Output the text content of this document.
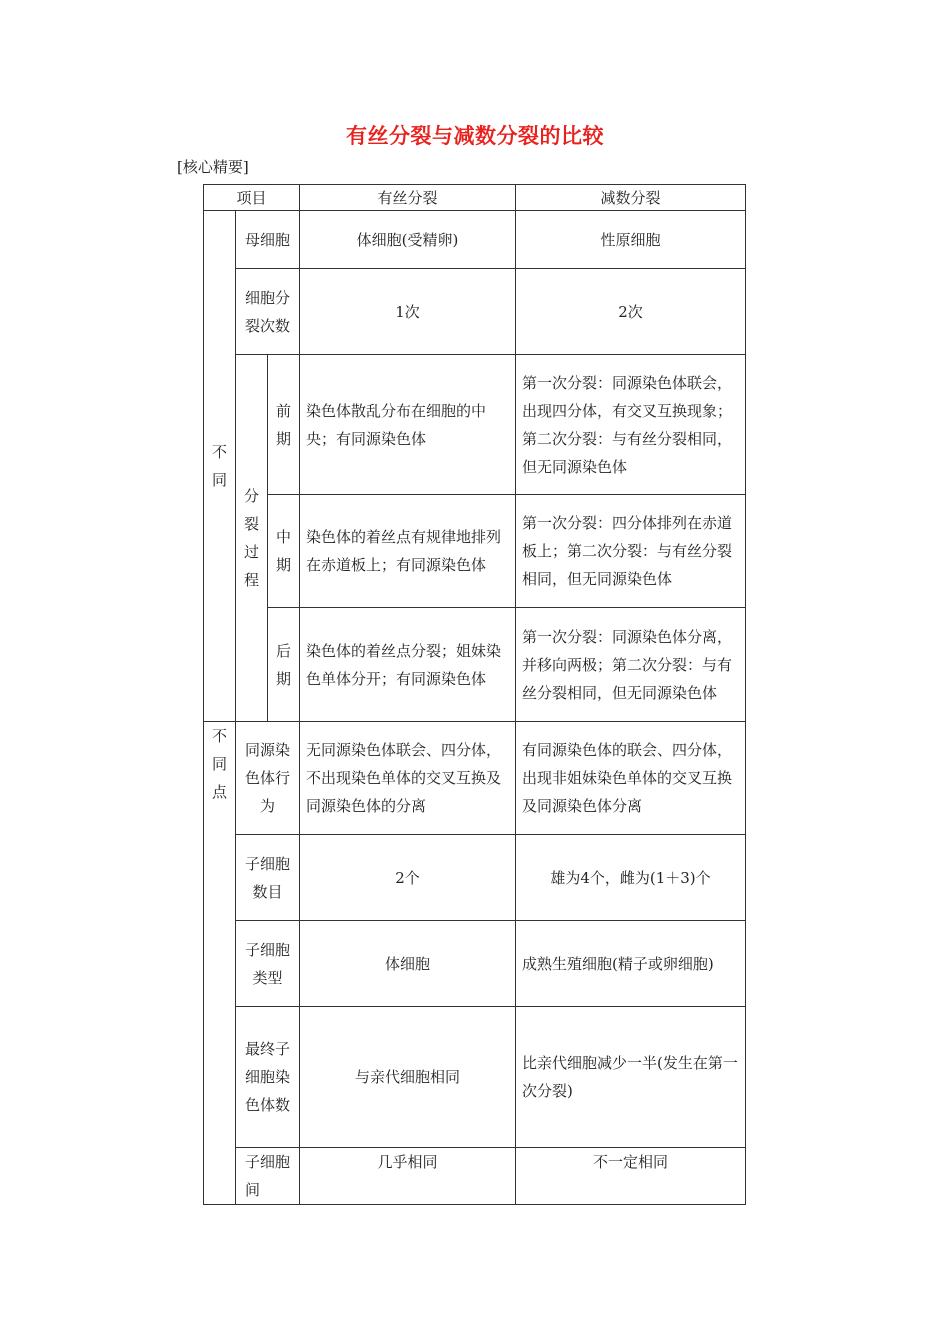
有丝分裂与减数分裂的比较
[核心精要]
项目			有丝分裂	减数分裂
不同	母细胞		体细胞(受精卵)	性原细胞
	细胞分裂次数		1次	2次
	分裂过程	前期	染色体散乱分布在细胞的中央；有同源染色体	第一次分裂：同源染色体联会，出现四分体，有交叉互换现象；第二次分裂：与有丝分裂相同，但无同源染色体
		中期	染色体的着丝点有规律地排列在赤道板上；有同源染色体	第一次分裂：四分体排列在赤道板上；第二次分裂：与有丝分裂相同，但无同源染色体
		后期	染色体的着丝点分裂；姐妹染色单体分开；有同源染色体	第一次分裂：同源染色体分离，并移向两极；第二次分裂：与有丝分裂相同，但无同源染色体
不同点	同源染色体行为		无同源染色体联会、四分体，不出现染色单体的交叉互换及同源染色体的分离	有同源染色体的联会、四分体，出现非姐妹染色单体的交叉互换及同源染色体分离
	子细胞数目		2个	雄为4个，雌为(1＋3)个
	子细胞类型		体细胞	成熟生殖细胞(精子或卵细胞)
	最终子细胞染色体数		与亲代细胞相同	比亲代细胞减少一半(发生在第一次分裂)
	子细胞间		几乎相同	不一定相同
